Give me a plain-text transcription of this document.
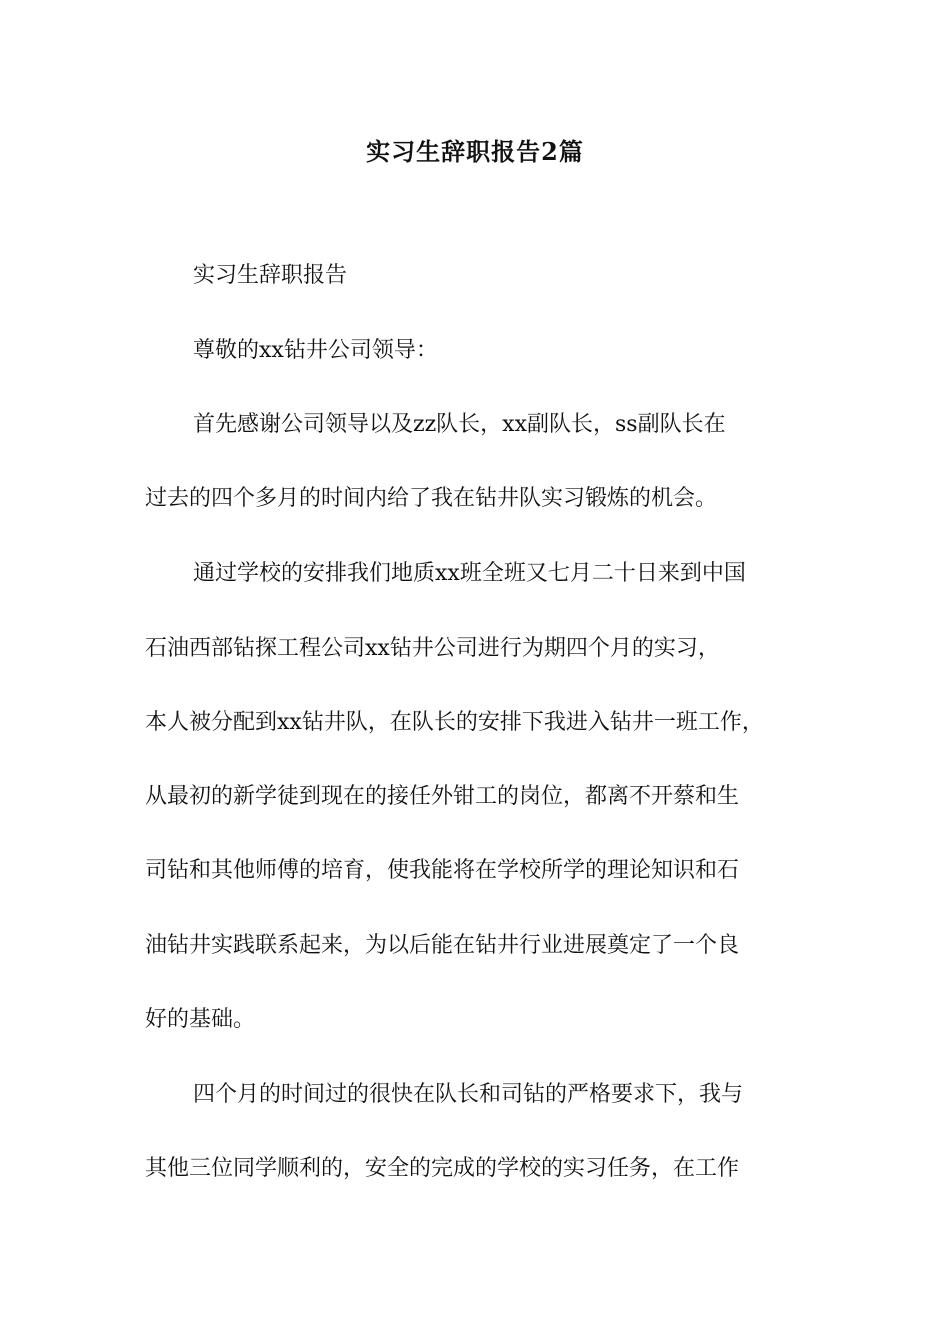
实习生辞职报告2篇

实习生辞职报告

尊敬的xx钻井公司领导：

首先感谢公司领导以及zz队长，xx副队长，ss副队长在

过去的四个多月的时间内给了我在钻井队实习锻炼的机会。

通过学校的安排我们地质xx班全班又七月二十日来到中国

石油西部钻探工程公司xx钻井公司进行为期四个月的实习，

本人被分配到xx钻井队，在队长的安排下我进入钻井一班工作，

从最初的新学徒到现在的接任外钳工的岗位，都离不开蔡和生

司钻和其他师傅的培育，使我能将在学校所学的理论知识和石

油钻井实践联系起来，为以后能在钻井行业进展奠定了一个良

好的基础。

四个月的时间过的很快在队长和司钻的严格要求下，我与

其他三位同学顺利的，安全的完成的学校的实习任务，在工作
